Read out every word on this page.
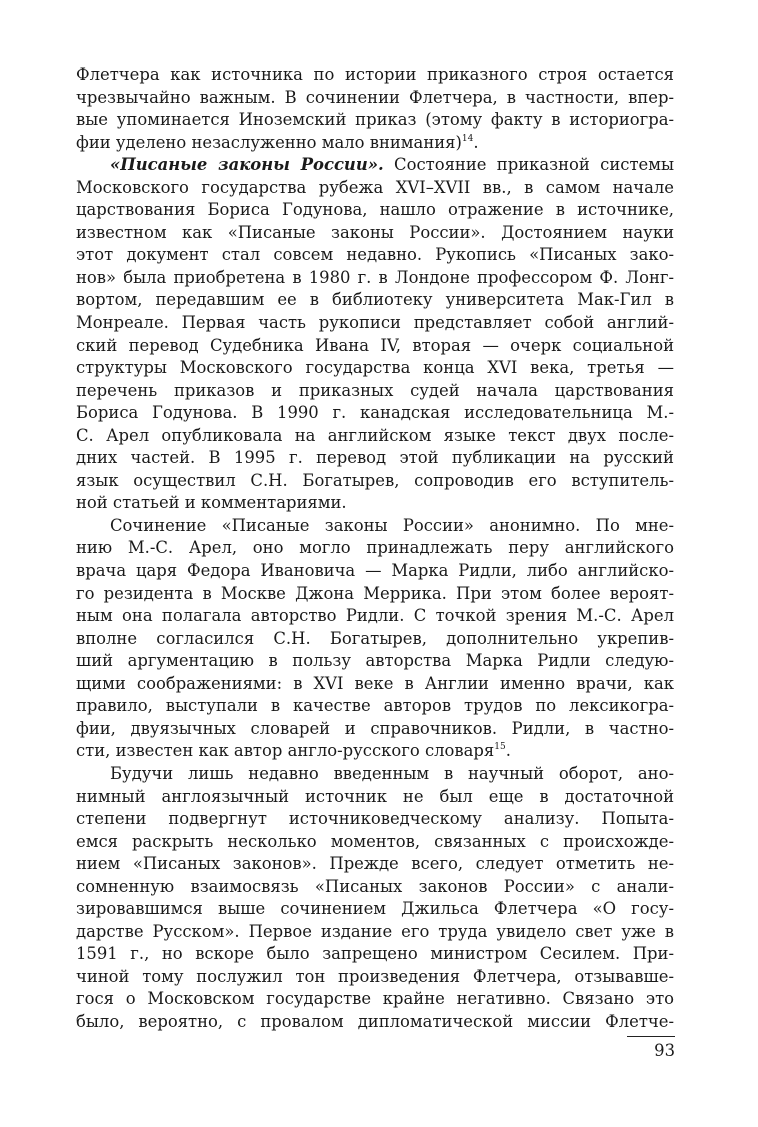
Флетчера как источника по истории приказного строя остается
чрезвычайно важным. В сочинении Флетчера, в частности, впер-
вые упоминается Иноземский приказ (этому факту в историогра-
фии уделено незаслуженно мало внимания)$^{14}$.
«Писаные законы России». Состояние приказной системы
Московского государства рубежа XVI–XVII вв., в самом начале
царствования Бориса Годунова, нашло отражение в источнике,
известном как «Писаные законы России». Достоянием науки
этот документ стал совсем недавно. Рукопись «Писаных зако-
нов» была приобретена в 1980 г. в Лондоне профессором Ф. Лонг-
вортом, передавшим ее в библиотеку университета Мак-Гил в
Монреале. Первая часть рукописи представляет собой англий-
ский перевод Судебника Ивана IV, вторая — очерк социальной
структуры Московского государства конца XVI века, третья —
перечень приказов и приказных судей начала царствования
Бориса Годунова. В 1990 г. канадская исследовательница М.-
С. Арел опубликовала на английском языке текст двух после-
дних частей. В 1995 г. перевод этой публикации на русский
язык осуществил С.Н. Богатырев, сопроводив его вступитель-
ной статьей и комментариями.
Сочинение «Писаные законы России» анонимно. По мне-
нию М.-С. Арел, оно могло принадлежать перу английского
врача царя Федора Ивановича — Марка Ридли, либо английско-
го резидента в Москве Джона Меррика. При этом более вероят-
ным она полагала авторство Ридли. С точкой зрения М.-С. Арел
вполне согласился С.Н. Богатырев, дополнительно укрепив-
ший аргументацию в пользу авторства Марка Ридли следую-
щими соображениями: в XVI веке в Англии именно врачи, как
правило, выступали в качестве авторов трудов по лексикогра-
фии, двуязычных словарей и справочников. Ридли, в частно-
сти, известен как автор англо-русского словаря$^{15}$.
Будучи лишь недавно введенным в научный оборот, ано-
нимный англоязычный источник не был еще в достаточной
степени подвергнут источниковедческому анализу. Попыта-
емся раскрыть несколько моментов, связанных с происхожде-
нием «Писаных законов». Прежде всего, следует отметить не-
сомненную взаимосвязь «Писаных законов России» с анали-
зировавшимся выше сочинением Джильса Флетчера «О госу-
дарстве Русском». Первое издание его труда увидело свет уже в
1591 г., но вскоре было запрещено министром Сесилем. При-
чиной тому послужил тон произведения Флетчера, отзывавше-
гося о Московском государстве крайне негативно. Связано это
было, вероятно, с провалом дипломатической миссии Флетче-
93
